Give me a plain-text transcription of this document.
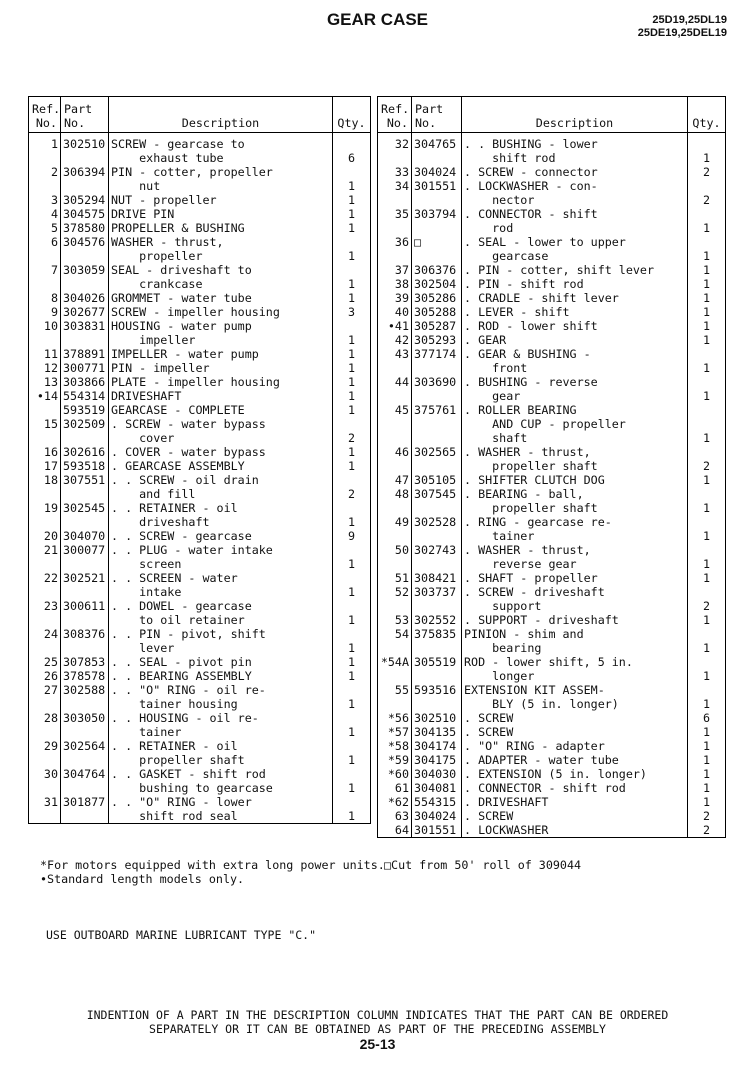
GEAR CASE	25D19,25DL19
25DE19,25DEL19
Ref.
No.	Part
No.	Description	Qty.

1	302510	SCREW - gearcase to	
		exhaust tube	6
2	306394	PIN - cotter, propeller	
		nut	1
3	305294	NUT - propeller	1
4	304575	DRIVE PIN	1
5	378580	PROPELLER & BUSHING	1
6	304576	WASHER - thrust,	
		propeller	1
7	303059	SEAL - driveshaft to	
		crankcase	1
8	304026	GROMMET - water tube	1
9	302677	SCREW - impeller housing	3
10	303831	HOUSING - water pump	
		impeller	1
11	378891	IMPELLER - water pump	1
12	300771	PIN - impeller	1
13	303866	PLATE - impeller housing	1
•14	554314	DRIVESHAFT	1
	593519	GEARCASE - COMPLETE	1
15	302509	. SCREW - water bypass	
		cover	2
16	302616	. COVER - water bypass	1
17	593518	. GEARCASE ASSEMBLY	1
18	307551	. . SCREW - oil drain	
		and fill	2
19	302545	. . RETAINER - oil	
		driveshaft	1
20	304070	. . SCREW - gearcase	9
21	300077	. . PLUG - water intake	
		screen	1
22	302521	. . SCREEN - water	
		intake	1
23	300611	. . DOWEL - gearcase	
		to oil retainer	1
24	308376	. . PIN - pivot, shift	
		lever	1
25	307853	. . SEAL - pivot pin	1
26	378578	. . BEARING ASSEMBLY	1
27	302588	. . "O" RING - oil re-	
		tainer housing	1
28	303050	. . HOUSING - oil re-	
		tainer	1
29	302564	. . RETAINER - oil	
		propeller shaft	1
30	304764	. . GASKET - shift rod	
		bushing to gearcase	1
31	301877	. . "O" RING - lower	
		shift rod seal	1
Ref.
No.	Part
No.	Description	Qty.

32	304765	. . BUSHING - lower	
		shift rod	1
33	304024	. SCREW - connector	2
34	301551	. LOCKWASHER - con-	
		nector	2
35	303794	. CONNECTOR - shift	
		rod	1
36	□	. SEAL - lower to upper	
		gearcase	1
37	306376	. PIN - cotter, shift lever	1
38	302504	. PIN - shift rod	1
39	305286	. CRADLE - shift lever	1
40	305288	. LEVER - shift	1
•41	305287	. ROD - lower shift	1
42	305293	. GEAR	1
43	377174	. GEAR & BUSHING -	
		front	1
44	303690	. BUSHING - reverse	
		gear	1
45	375761	. ROLLER BEARING	
		AND CUP - propeller	
		shaft	1
46	302565	. WASHER - thrust,	
		propeller shaft	2
47	305105	. SHIFTER CLUTCH DOG	1
48	307545	. BEARING - ball,	
		propeller shaft	1
49	302528	. RING - gearcase re-	
		tainer	1
50	302743	. WASHER - thrust,	
		reverse gear	1
51	308421	. SHAFT - propeller	1
52	303737	. SCREW - driveshaft	
		support	2
53	302552	. SUPPORT - driveshaft	1
54	375835	PINION - shim and	
		bearing	1
*54A	305519	ROD - lower shift, 5 in.	
		longer	1
55	593516	EXTENSION KIT ASSEM-	
		BLY (5 in. longer)	1
*56	302510	. SCREW	6
*57	304135	. SCREW	1
*58	304174	. "O" RING - adapter	1
*59	304175	. ADAPTER - water tube	1
*60	304030	. EXTENSION (5 in. longer)	1
61	304081	. CONNECTOR - shift rod	1
*62	554315	. DRIVESHAFT	1
63	304024	. SCREW	2
64	301551	. LOCKWASHER	2
*For motors equipped with extra long power units.
•Standard length models only.
□Cut from 50' roll of 309044
USE OUTBOARD MARINE LUBRICANT TYPE "C."
INDENTION OF A PART IN THE DESCRIPTION COLUMN INDICATES THAT THE PART CAN BE ORDERED
SEPARATELY OR IT CAN BE OBTAINED AS PART OF THE PRECEDING ASSEMBLY
25-13
